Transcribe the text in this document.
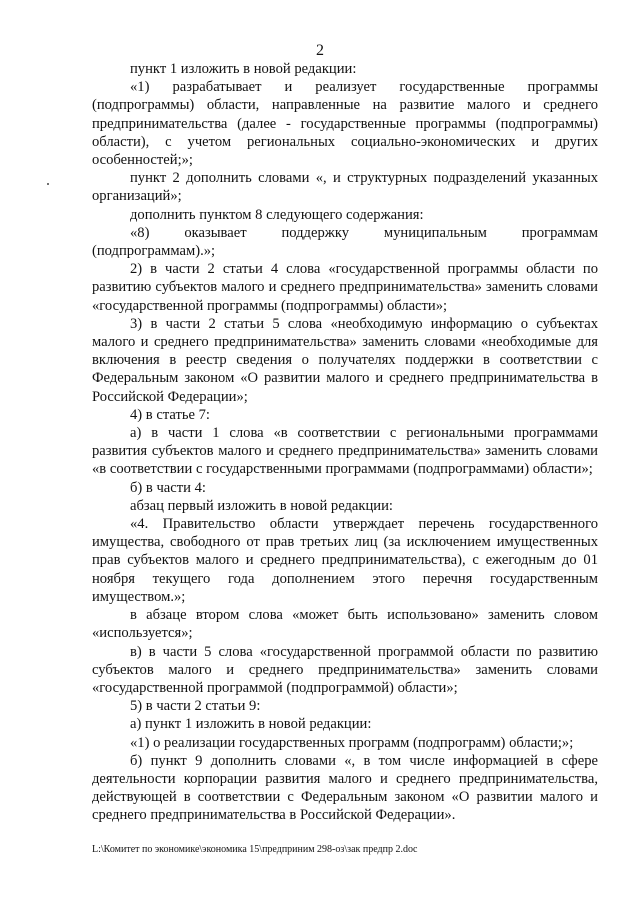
2

пункт 1 изложить в новой редакции:

«1) разрабатывает и реализует государственные программы (подпрограммы) области, направленные на развитие малого и среднего предпринимательства (далее - государственные программы (подпрограммы) области), с учетом региональных социально-экономических и других особенностей;»;

пункт 2 дополнить словами «, и структурных подразделений указанных организаций»;

дополнить пунктом 8 следующего содержания:

«8) оказывает поддержку муниципальным программам (подпрограммам).»;

2) в части 2 статьи 4 слова «государственной программы области по развитию субъектов малого и среднего предпринимательства» заменить словами «государственной программы (подпрограммы) области»;

3) в части 2 статьи 5 слова «необходимую информацию о субъектах малого и среднего предпринимательства» заменить словами «необходимые для включения в реестр сведения о получателях поддержки в соответствии с Федеральным законом «О развитии малого и среднего предпринимательства в Российской Федерации»;

4) в статье 7:

а) в части 1 слова «в соответствии с региональными программами развития субъектов малого и среднего предпринимательства» заменить словами «в соответствии с государственными программами (подпрограммами) области»;

б) в части 4:

абзац первый изложить в новой редакции:

«4. Правительство области утверждает перечень государственного имущества, свободного от прав третьих лиц (за исключением имущественных прав субъектов малого и среднего предпринимательства), с ежегодным до 01 ноября текущего года дополнением этого перечня государственным имуществом.»;

в абзаце втором слова «может быть использовано» заменить словом «используется»;

в) в части 5 слова «государственной программой области по развитию субъектов малого и среднего предпринимательства» заменить словами «государственной программой (подпрограммой) области»;

5) в части 2 статьи 9:

а) пункт 1 изложить в новой редакции:

«1) о реализации государственных программ (подпрограмм) области;»;

б) пункт 9 дополнить словами «, в том числе информацией в сфере деятельности корпорации развития малого и среднего предпринимательства, действующей в соответствии с Федеральным законом «О развитии малого и среднего предпринимательства в Российской Федерации».

L:\Комитет по экономике\экономика 15\предприним 298-оз\зак предпр 2.doc
